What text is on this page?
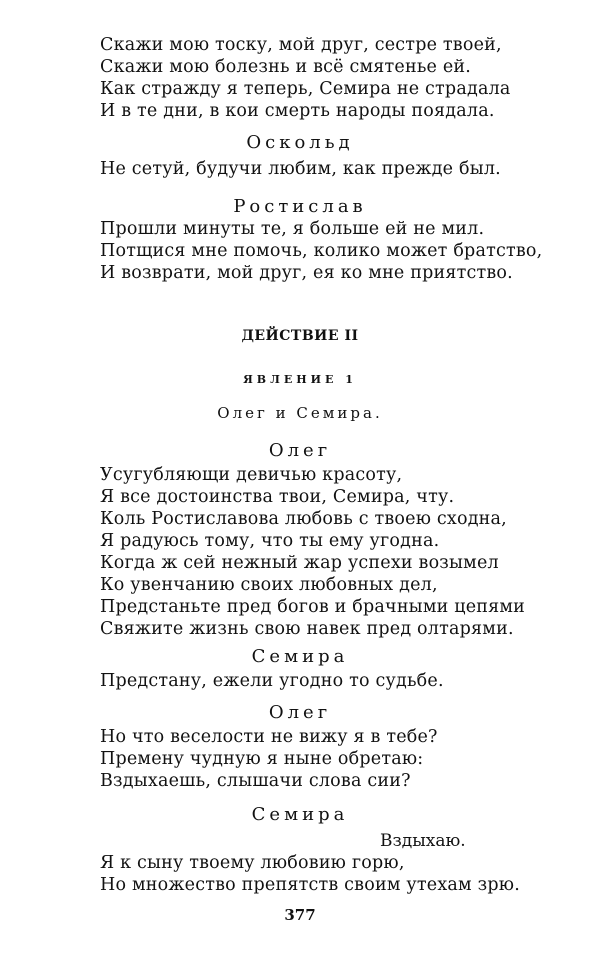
Скажи мою тоску, мой друг, сестре твоей,
Скажи мою болезнь и всё смятенье ей.
Как стражду я теперь, Семира не страдала
И в те дни, в кои смерть народы поядала.
Оскольд
Не сетуй, будучи любим, как прежде был.
Ростислав
Прошли минуты те, я больше ей не мил.
Потщися мне помочь, колико может братство,
И возврати, мой друг, ея ко мне приятство.
ДЕЙСТВИЕ II
ЯВЛЕНИЕ 1
Олег и Семира.
Олег
Усугубляющи девичью красоту,
Я все достоинства твои, Семира, чту.
Коль Ростиславова любовь с твоею сходна,
Я радуюсь тому, что ты ему угодна.
Когда ж сей нежный жар успехи возымел
Ко увенчанию своих любовных дел,
Предстаньте пред богов и брачными цепями
Свяжите жизнь свою навек пред олтарями.
Семира
Предстану, ежели угодно то судьбе.
Олег
Но что веселости не вижу я в тебе?
Премену чудную я ныне обретаю:
Вздыхаешь, слышачи слова сии?
Семира
Вздыхаю.
Я к сыну твоему любовию горю,
Но множество препятств своим утехам зрю.
377
